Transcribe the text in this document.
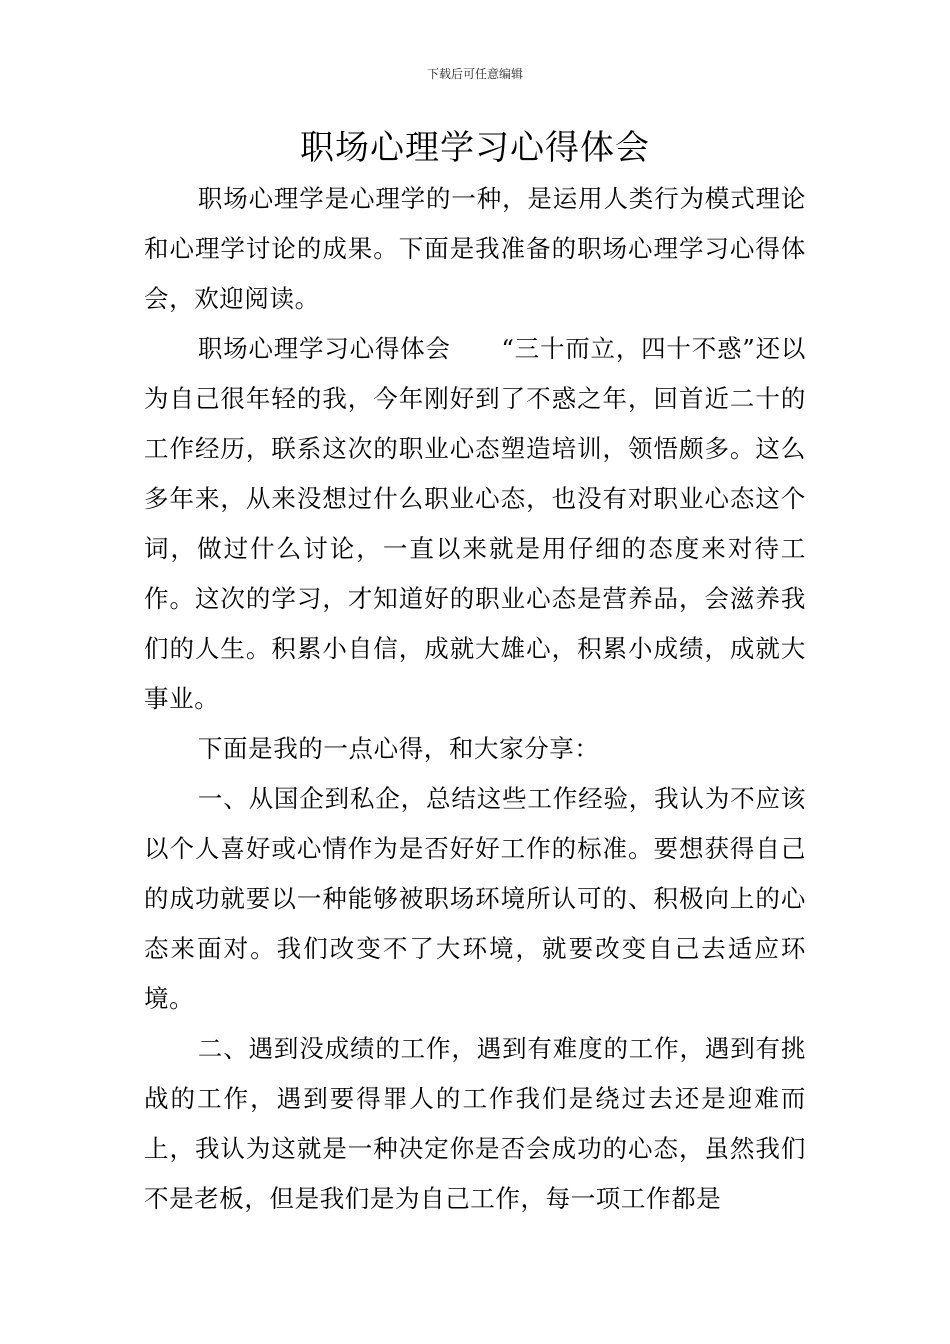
下载后可任意编辑
职场心理学习心得体会

职场心理学是心理学的一种，是运用人类行为模式理论和心理学讨论的成果。下面是我准备的职场心理学习心得体会，欢迎阅读。

职场心理学习心得体会　　“三十而立，四十不惑”还以为自己很年轻的我，今年刚好到了不惑之年，回首近二十的工作经历，联系这次的职业心态塑造培训，领悟颇多。这么多年来，从来没想过什么职业心态，也没有对职业心态这个词，做过什么讨论，一直以来就是用仔细的态度来对待工作。这次的学习，才知道好的职业心态是营养品，会滋养我们的人生。积累小自信，成就大雄心，积累小成绩，成就大事业。

下面是我的一点心得，和大家分享：

一、从国企到私企，总结这些工作经验，我认为不应该以个人喜好或心情作为是否好好工作的标准。要想获得自己的成功就要以一种能够被职场环境所认可的、积极向上的心态来面对。我们改变不了大环境，就要改变自己去适应环境。

二、遇到没成绩的工作，遇到有难度的工作，遇到有挑战的工作，遇到要得罪人的工作我们是绕过去还是迎难而上，我认为这就是一种决定你是否会成功的心态，虽然我们不是老板，但是我们是为自己工作，每一项工作都是
